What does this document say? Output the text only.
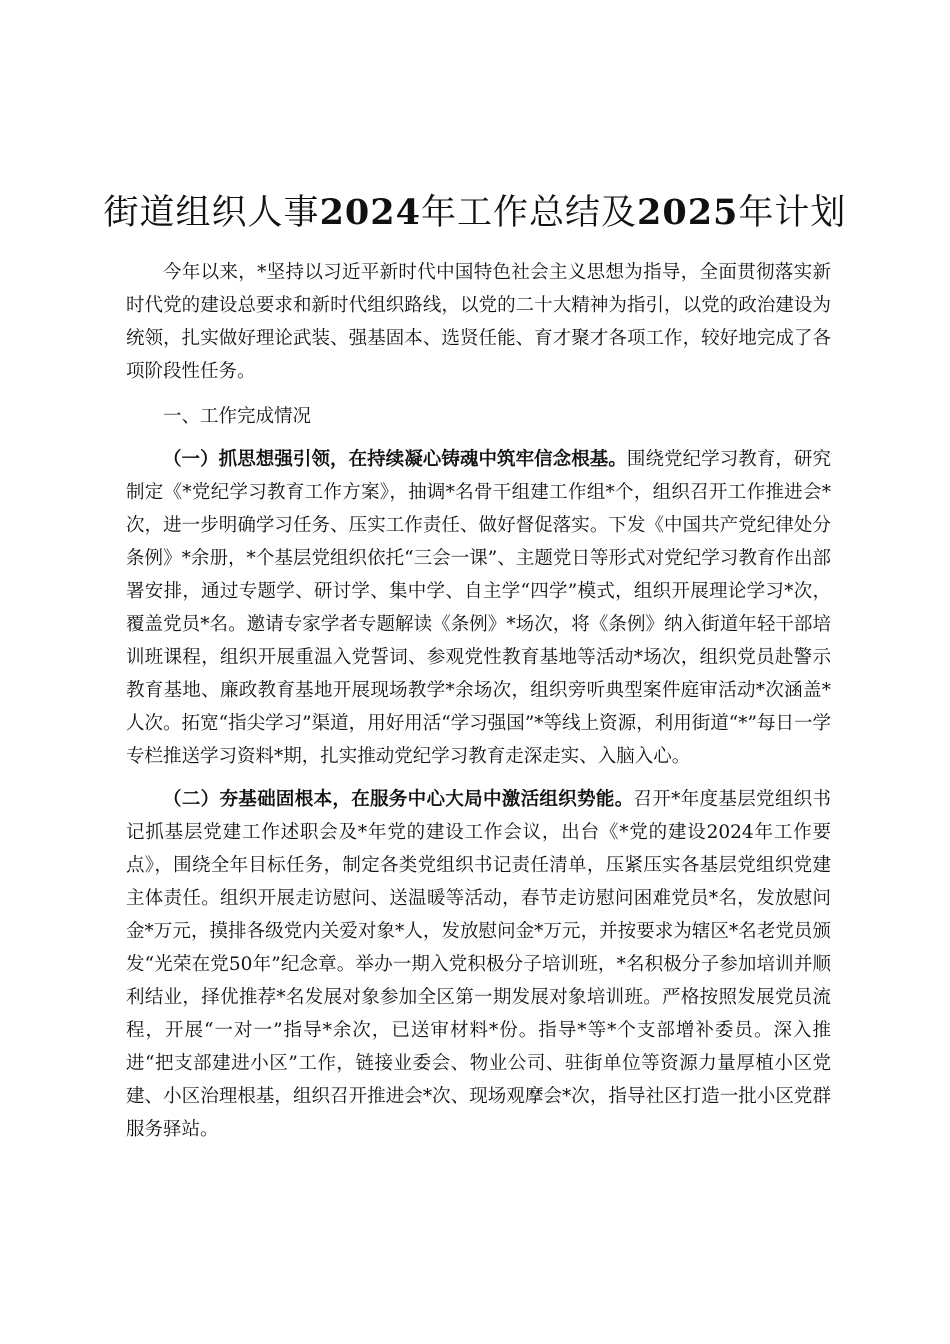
街道组织人事2024年工作总结及2025年计划

今年以来，*坚持以习近平新时代中国特色社会主义思想为指导，全面贯彻落实新时代党的建设总要求和新时代组织路线，以党的二十大精神为指引，以党的政治建设为统领，扎实做好理论武装、强基固本、选贤任能、育才聚才各项工作，较好地完成了各项阶段性任务。

一、工作完成情况

（一）抓思想强引领，在持续凝心铸魂中筑牢信念根基。围绕党纪学习教育，研究制定《*党纪学习教育工作方案》，抽调*名骨干组建工作组*个，组织召开工作推进会*次，进一步明确学习任务、压实工作责任、做好督促落实。下发《中国共产党纪律处分条例》*余册，*个基层党组织依托“三会一课”、主题党日等形式对党纪学习教育作出部署安排，通过专题学、研讨学、集中学、自主学“四学”模式，组织开展理论学习*次，覆盖党员*名。邀请专家学者专题解读《条例》*场次，将《条例》纳入街道年轻干部培训班课程，组织开展重温入党誓词、参观党性教育基地等活动*场次，组织党员赴警示教育基地、廉政教育基地开展现场教学*余场次，组织旁听典型案件庭审活动*次涵盖*人次。拓宽“指尖学习”渠道，用好用活“学习强国”*等线上资源，利用街道“*”每日一学专栏推送学习资料*期，扎实推动党纪学习教育走深走实、入脑入心。

（二）夯基础固根本，在服务中心大局中激活组织势能。召开*年度基层党组织书记抓基层党建工作述职会及*年党的建设工作会议，出台《*党的建设2024年工作要点》，围绕全年目标任务，制定各类党组织书记责任清单，压紧压实各基层党组织党建主体责任。组织开展走访慰问、送温暖等活动，春节走访慰问困难党员*名，发放慰问金*万元，摸排各级党内关爱对象*人，发放慰问金*万元，并按要求为辖区*名老党员颁发“光荣在党50年”纪念章。举办一期入党积极分子培训班，*名积极分子参加培训并顺利结业，择优推荐*名发展对象参加全区第一期发展对象培训班。严格按照发展党员流程，开展“一对一”指导*余次，已送审材料*份。指导*等*个支部增补委员。深入推进“把支部建进小区”工作，链接业委会、物业公司、驻街单位等资源力量厚植小区党建、小区治理根基，组织召开推进会*次、现场观摩会*次，指导社区打造一批小区党群服务驿站。
